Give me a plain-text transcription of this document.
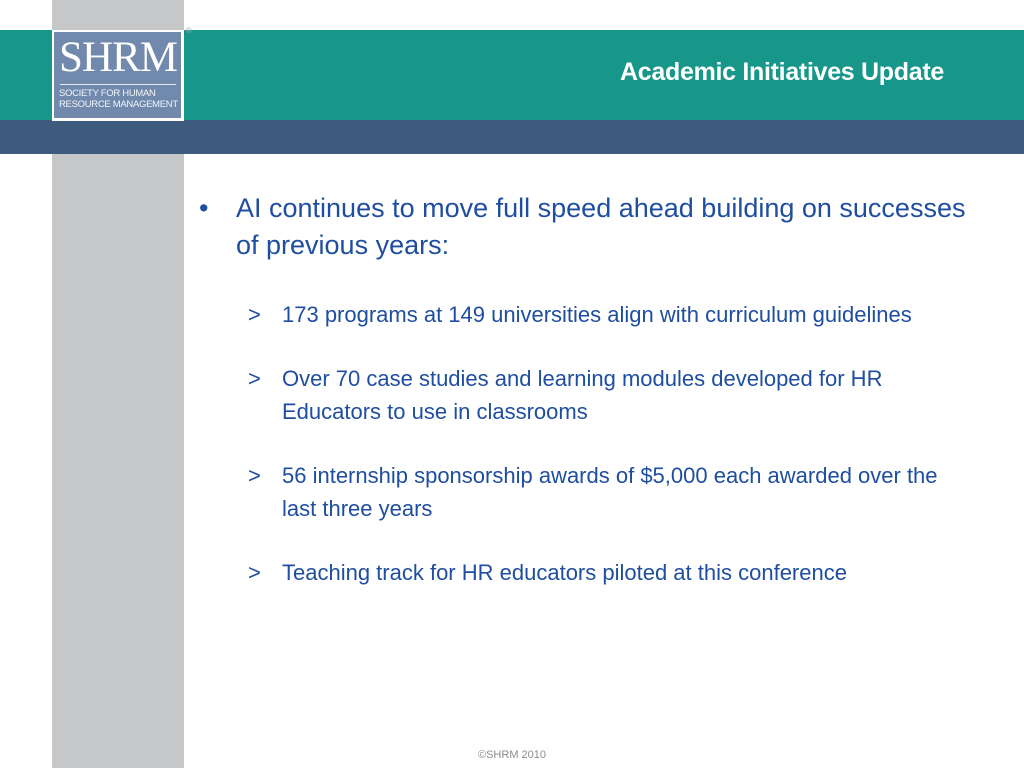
SHRM
SOCIETY FOR HUMAN
RESOURCE MANAGEMENT
®
Academic Initiatives Update
• AI continues to move full speed ahead building on successes of previous years:
> 173 programs at 149 universities align with curriculum guidelines
> Over 70 case studies and learning modules developed for HR Educators to use in classrooms
> 56 internship sponsorship awards of $5,000 each awarded over the last three years
> Teaching track for HR educators piloted at this conference
©SHRM 2010
